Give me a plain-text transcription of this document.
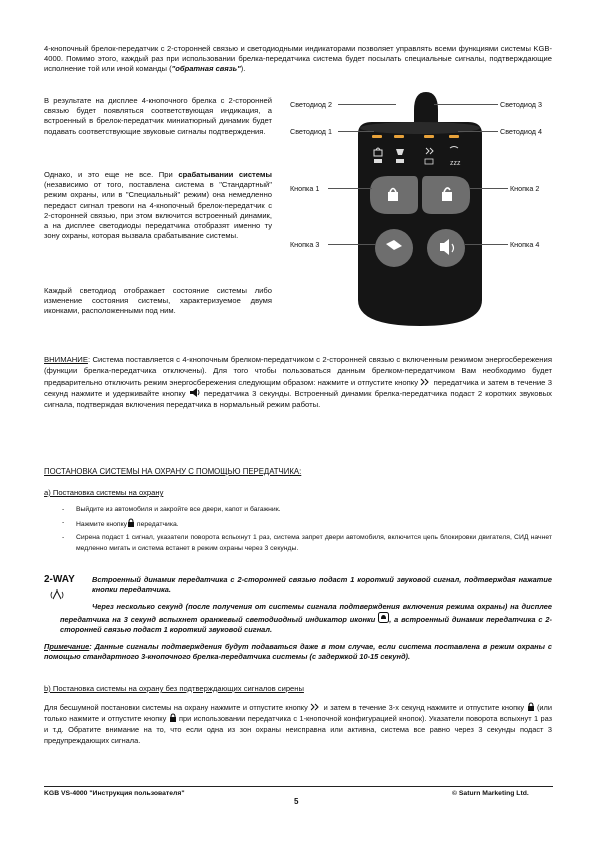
4-кнопочный брелок-передатчик с 2-сторонней связью и светодиодными индикаторами позволяет управлять всеми функциями системы KGB-4000. Помимо этого, каждый раз при использовании брелка-передатчика система будет посылать специальные сигналы, подтверждающие исполнение той или иной команды ("обратная связь").

В результате на дисплее 4-кнопочного брелка с 2-сторонней связью будет появляться соответствующая индикация, а встроенный в брелок-передатчик миниатюрный динамик будет подавать соответствующие звуковые сигналы подтверждения.

Однако, и это еще не все. При срабатывании системы (независимо от того, поставлена система в "Стандартный" режим охраны, или в "Специальный" режим) она немедленно передаст сигнал тревоги на 4-кнопочный брелок-передатчик с 2-сторонней связью, при этом включится встроенный динамик, а на дисплее светодиоды передатчика отобразят именно ту зону охраны, которая вызвала срабатывание системы.

Каждый светодиод отображает состояние системы либо изменение состояния системы, характеризуемое двумя иконками, расположенными под ним.

zzz
Светодиод 2	Светодиод 3
Светодиод 1	Светодиод 4
Кнопка 1	Кнопка 2
Кнопка 3	Кнопка 4

ВНИМАНИЕ: Система поставляется с 4-кнопочным брелком-передатчиком с 2-сторонней связью с включенным режимом энергосбережения (функции брелка-передатчика отключены). Для того чтобы пользоваться данным брелком-передатчиком Вам необходимо будет предварительно отключить режим энергосбережения следующим образом: нажмите и отпустите кнопку
передатчика и затем в течение 3 секунд нажмите и удерживайте кнопку
передатчика 3 секунды. Встроенный динамик брелка-передатчика подаст 2 коротких звуковых сигнала, подтверждая включения передатчика в нормальный режим работы.

ПОСТАНОВКА СИСТЕМЫ НА ОХРАНУ С ПОМОЩЬЮ ПЕРЕДАТЧИКА:
а) Постановка системы на охрану
- Выйдите из автомобиля и закройте все двери, капот и багажник.
- Нажмите кнопку
передатчика.
- Сирена подаст 1 сигнал, указатели поворота вспыхнут 1 раз, система запрет двери автомобиля, включится цепь блокировки двигателя, СИД начнет медленно мигать и система встанет в режим охраны через 3 секунды.
2-WAY Встроенный динамик передатчика с 2-сторонней связью подаст 1 короткий звуковой сигнал, подтверждая нажатие кнопки передатчика.

Через несколько секунд (после получения от системы сигнала подтверждения включения режима охраны) на дисплее передатчика на 3 секунд вспыхнет оранжевый светодиодный индикатор иконки , а встроенный динамик передатчика с 2-сторонней связью подаст 1 короткий звуковой сигнал.

Примечание: Данные сигналы подтверждения будут подаваться даже в том случае, если система поставлена в режим охраны с помощью стандартного 3-кнопочного брелка-передатчика системы (с задержкой 10-15 секунд).

b) Постановка системы на охрану без подтверждающих сигналов сирены

Для бесшумной постановки системы на охрану нажмите и отпустите кнопку
и затем в течение 3-х секунд нажмите и отпустите кнопку
(или только нажмите и отпустите кнопку
при использовании передатчика с 1-кнопочной конфигурацией кнопок). Указатели поворота вспыхнут 1 раз и т.д. Обратите внимание на то, что если одна из зон охраны неисправна или активна, система все равно через 3 секунды подаст 3 предупреждающих сигнала.

KGB VS-4000 "Инструкция пользователя"	© Saturn Marketing Ltd.
5
